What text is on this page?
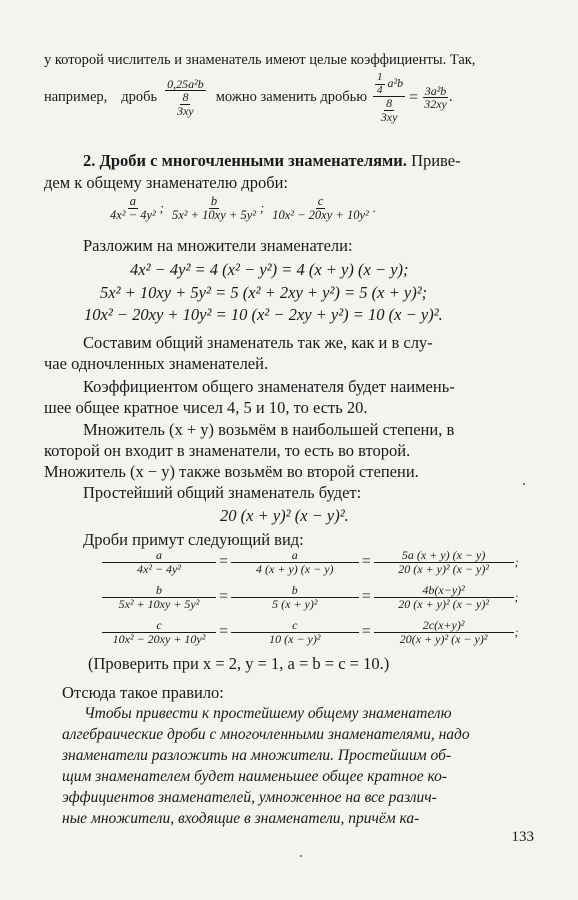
у которой числитель и знаменатель имеют целые коэффициенты. Так,
например, дробь $\frac{\text{0,25a²b}}{\frac{8}{3xy}}$ можно заменить дробью $\frac{\frac{1}{4} a^2b}{\frac{8}{3xy}} = \frac{\text{3a²b}}{32xy}$ .
2. Дроби с многочленными знаменателями. Приве-
дем к общему знаменателю дроби:
$\frac{a}{\text{4x² − 4y²}}$ ; $\frac{b}{\text{5x² + 10xy + 5y²}}$ ; $\frac{c}{\text{10x² − 20xy + 10y²}}$ .
Разложим на множители знаменатели:
4x² − 4y² = 4 (x² − y²) = 4 (x + y) (x − y);
5x² + 10xy + 5y² = 5 (x² + 2xy + y²) = 5 (x + y)²;
10x² − 20xy + 10y² = 10 (x² − 2xy + y²) = 10 (x − y)².
Составим общий знаменатель так же, как и в слу-
чае одночленных знаменателей.
Коэффициентом общего знаменателя будет наимень-
шее общее кратное чисел 4, 5 и 10, то есть 20.
Множитель (x + y) возьмём в наибольшей степени, в
которой он входит в знаменатели, то есть во второй.
Множитель (x − y) также возьмём во второй степени.
Простейший общий знаменатель будет:
20 (x + y)² (x − y)².
Дроби примут следующий вид:
$\frac{a}{\text{4x² − 4y²}} = \frac{a}{4 (x + y) (x - y)} = \frac{5a (x + y) (x - y)}{\text{20 (x + y)² (x − y)²}}$ ;
$\frac{b}{\text{5x² + 10xy + 5y²}} = \frac{b}{\text{5 (x + y)²}} = \frac{\text{4b(x−y)²}}{\text{20 (x + y)² (x − y)²}}$ ;
$\frac{c}{\text{10x² − 20xy + 10y²}} = \frac{c}{\text{10 (x − y)²}} = \frac{\text{2c(x+y)²}}{\text{20(x + y)² (x − y)²}}$ ;
(Проверить при x = 2, y = 1, a = b = c = 10.)
Отсюда такое правило:
Чтобы привести к простейшему общему знаменателю
алгебраические дроби с многочленными знаменателями, надо
знаменатели разложить на множители. Простейшим об-
щим знаменателем будет наименьшее общее кратное ко-
эффициентов знаменателей, умноженное на все различ-
ные множители, входящие в знаменатели, причём ка-
133
